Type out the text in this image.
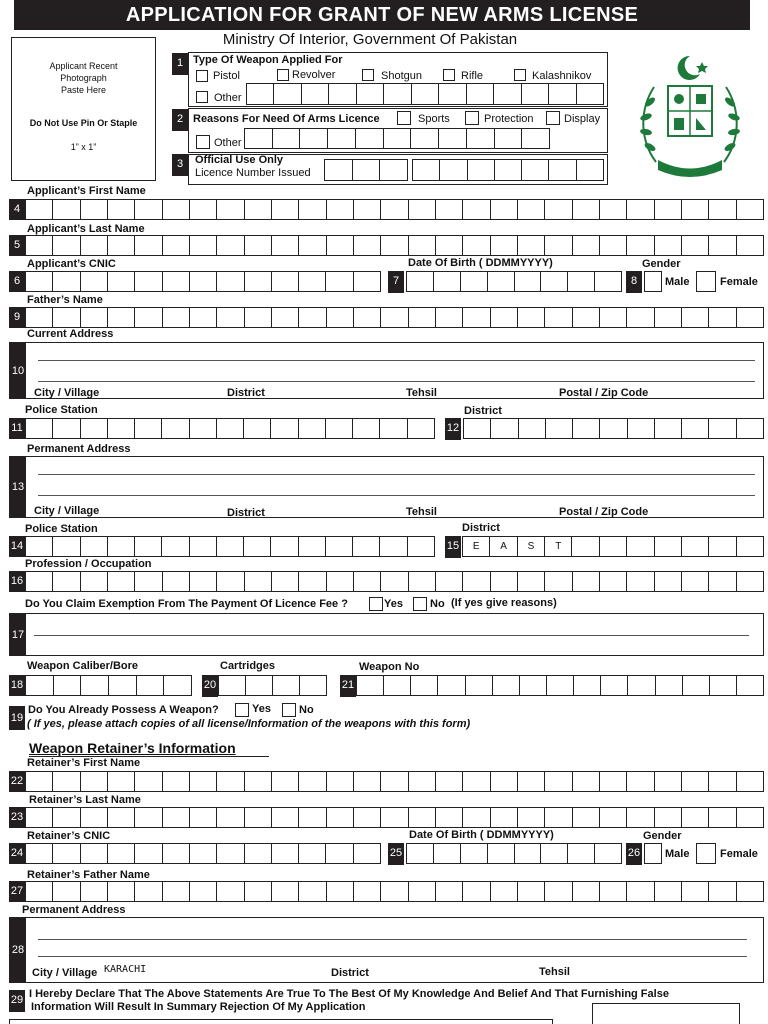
APPLICATION FOR GRANT OF NEW ARMS LICENSE
Ministry Of Interior, Government Of Pakistan
Applicant Recent
Photograph
Paste Here
Do Not Use Pin Or Staple
1” x 1”
1 Type Of Weapon Applied For
Pistol	Revolver	Shotgun	Rifle	Kalashnikov
Other
2 Reasons For Need Of Arms Licence	Sports	Protection	Display
Other
3	Official Use Only
Licence Number Issued
Applicant’s First Name
4
Applicant’s Last Name
5
Applicant’s CNIC	Date Of Birth ( DDMMYYYY)	Gender
6	7	8	Male	Female
Father’s Name
9
Current Address
10
City / Village	District	Tehsil	Postal / Zip Code
Police Station	District
11	12
Permanent Address
13
City / Village	District	Tehsil	Postal / Zip Code
Police Station	District
14	15	E	A	S	T
Profession / Occupation
16
Do You Claim Exemption From The Payment Of Licence Fee ?	Yes No (If yes give reasons)
17
Weapon Caliber/Bore	Cartridges	Weapon No
18	20	21
19
Do You Already Possess A Weapon?	Yes	No
( If yes, please attach copies of all license/Information of the weapons with this form)
Weapon Retainer’s Information
Retainer’s First Name
22
Retainer’s Last Name
23
Retainer’s CNIC	Date Of Birth ( DDMMYYYY)	Gender
24	25	26 Male	Female
Retainer’s Father Name
27
Permanent Address
28
City / Village KARACHI	District	Tehsil
29 I Hereby Declare That The Above Statements Are True To The Best Of My Knowledge And Belief And That Furnishing False
Information Will Result In Summary Rejection Of My Application
